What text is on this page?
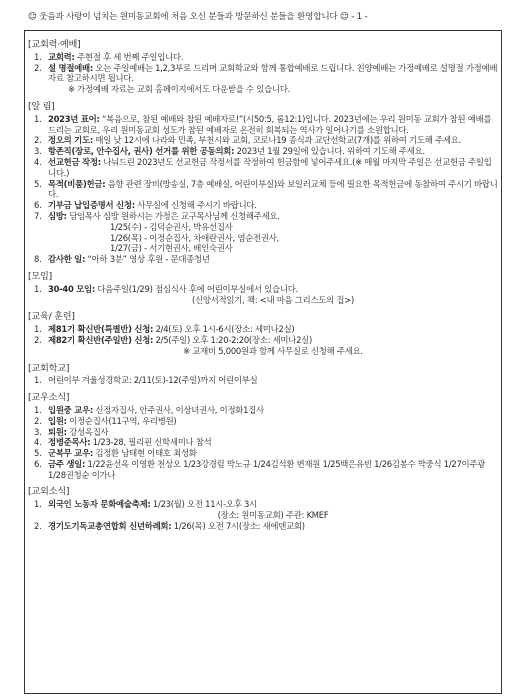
☺ 웃음과 사랑이 넘치는 원미동교회에 처음 오신 분들과 방문하신 분들을 환영합니다 ☺ - 1 -
[교회력·예배]
1. 교회력: 주현절 후 세 번째 주일입니다.
2. 설 명절예배: 오는 주일예배는 1,2,3부로 드리며 교회학교와 함께 통합예배로 드립니다. 친양예배는 가정예배로 설명절 가정예배 자료 참고하시면 됩니다.
※ 가정예배 자료는 교회 홈페이지에서도 다운받을 수 있습니다.
[알 림]
1. 2023년 표어: “복음으로, 참된 예배와 참된 예배자로!”(시50:5, 롬12:1)입니다. 2023년에는 우리 원미동 교회가 참된 예배를 드리는 교회로, 우리 원미동교회 성도가 참된 예배자로 온전히 회복되는 역사가 일어나기를 소원합니다.
2. 정오의 기도: 매일 낮 12시에 나라와 민족, 부천시와 교회, 코로나19 종식과 교단선학교(7개)를 위하여 기도해 주세요.
3. 항존직(장로, 안수집사, 권사) 선거를 위한 공동의회: 2023년 1월 29일에 있습니다. 위하여 기도해 주세요.
4. 선교헌금 작정: 나눠드린 2023년도 선교헌금 작정서를 작정하여 헌금함에 넣어주세요.(※ 매월 마지막 주일은 선교헌금 주일입니다.)
5. 목적(비품)헌금: 음향 관련 장비(방송실, 7층 예배실, 어린이부실)와 보일러교체 등에 필요한 목적헌금에 동참하여 주시기 바랍니다.
6. 기부금 납입증명서 신청: 사무실에 신청해 주시기 바랍니다.
7. 심방: 담임목사 심방 원하시는 가정은 교구목사님께 신청해주세요.
1/25(수) - 김덕순권사, 박유선집사
1/26(목) - 이정순집사, 차애란권사, 염순전권사,
1/27(금) - 서기현권사, 배인숙권사
8. 감사한 일: “아하 3분” 영상 후원 - 문대종청년
[모임]
1. 30-40 모임: 다음주일(1/29) 점심식사 후에 어린이부실에서 있습니다.
(신앙서적읽기, 책: <내 마음 그리스도의 집>)
[교육/ 훈련]
1. 제81기 확신반(특별반) 신청: 2/4(토) 오후 1시-6시(장소: 세미나2실)
2. 제82기 확신반(주일반) 신청: 2/5(주일) 오후 1:20-2:20(장소: 세미나2실)
※ 교재비 5,000원과 함께 사무실로 신청해 주세요.
[교회학교]
1. 어린이부 겨울성경학교: 2/11(토)-12(주일)까지 어린이부실
[교우소식]
1. 입원중 교우: 신정자집사, 안주권사, 이상녀권사, 이정화1집사
2. 입원: 이정순집사(11구역, 우리병원)
3. 퇴원: 강성옥집사
4. 정병준목사: 1/23-28, 필리핀 신학세미나 참석
5. 군복무 교우: 김정환 남태현 이태호 최성화
6. 금주 생일: 1/22윤선옥 이영환 천상오 1/23강경림 박노규 1/24김석환 변재원 1/25백은유빈 1/26김봉수 박중식 1/27이주광 1/28권청순 이가나
[교외소식]
1. 외국인 노동자 문화예술축제: 1/23(월) 오전 11시-오후 3시
(장소: 원미동교회) 주관: KMEF
2. 경기도기독교총연합회 신년하례회: 1/26(목) 오전 7시(장소: 새에덴교회)
